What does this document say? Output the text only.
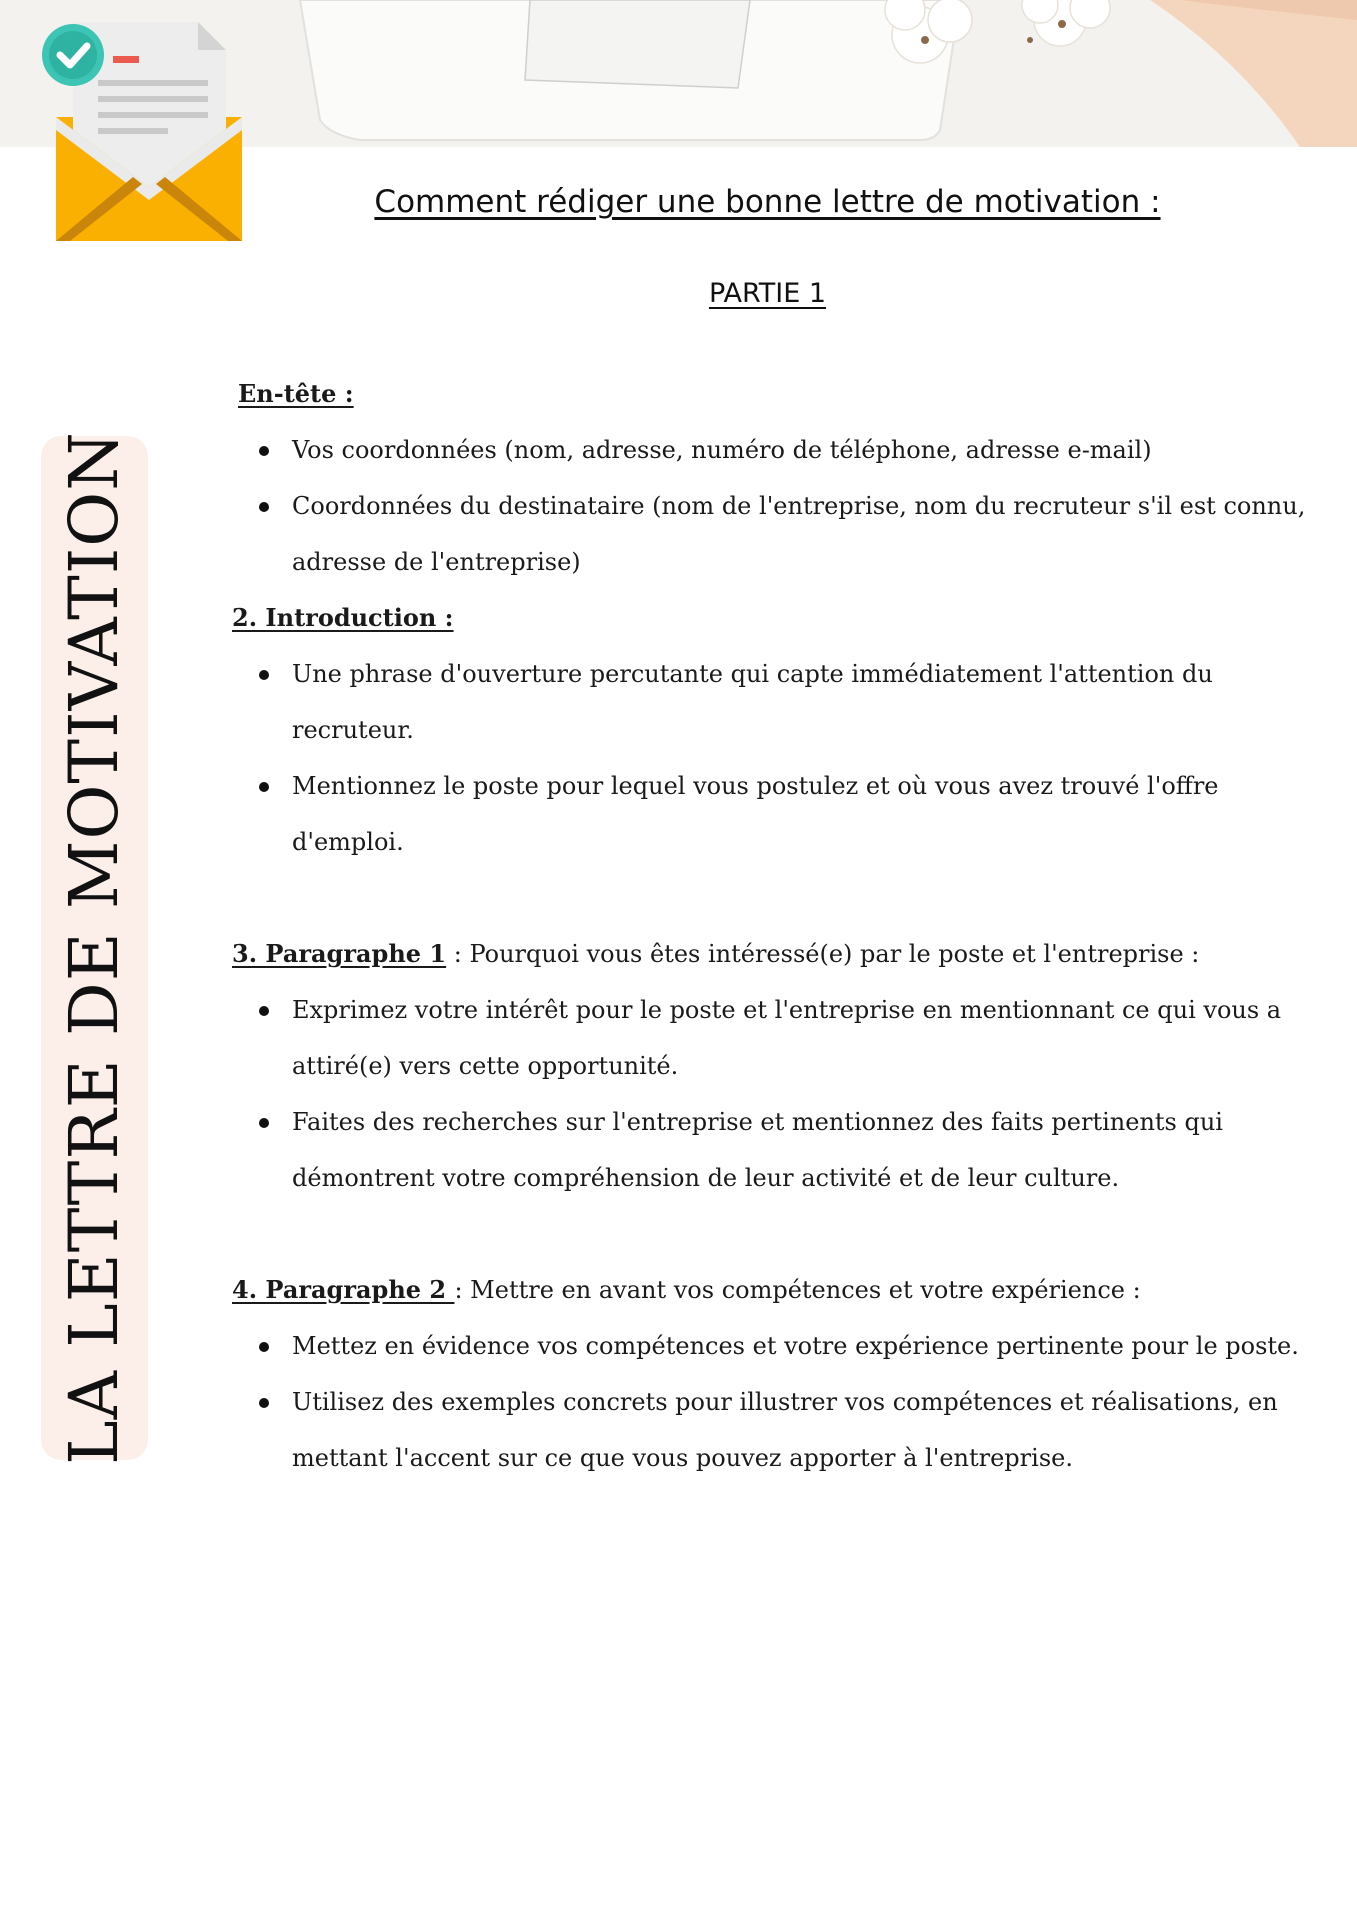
LA LETTRE DE MOTIVATION
Comment rédiger une bonne lettre de motivation :
PARTIE 1

En-tête :

Vos coordonnées (nom, adresse, numéro de téléphone, adresse e-mail)
Coordonnées du destinataire (nom de l'entreprise, nom du recruteur s'il est connu, adresse de l'entreprise)

2. Introduction :

Une phrase d'ouverture percutante qui capte immédiatement l'attention du recruteur.
Mentionnez le poste pour lequel vous postulez et où vous avez trouvé l'offre d'emploi.

3. Paragraphe 1 : Pourquoi vous êtes intéressé(e) par le poste et l'entreprise :

Exprimez votre intérêt pour le poste et l'entreprise en mentionnant ce qui vous a attiré(e) vers cette opportunité.
Faites des recherches sur l'entreprise et mentionnez des faits pertinents qui démontrent votre compréhension de leur activité et de leur culture.

4. Paragraphe 2 : Mettre en avant vos compétences et votre expérience :

Mettez en évidence vos compétences et votre expérience pertinente pour le poste.
Utilisez des exemples concrets pour illustrer vos compétences et réalisations, en mettant l'accent sur ce que vous pouvez apporter à l'entreprise.
